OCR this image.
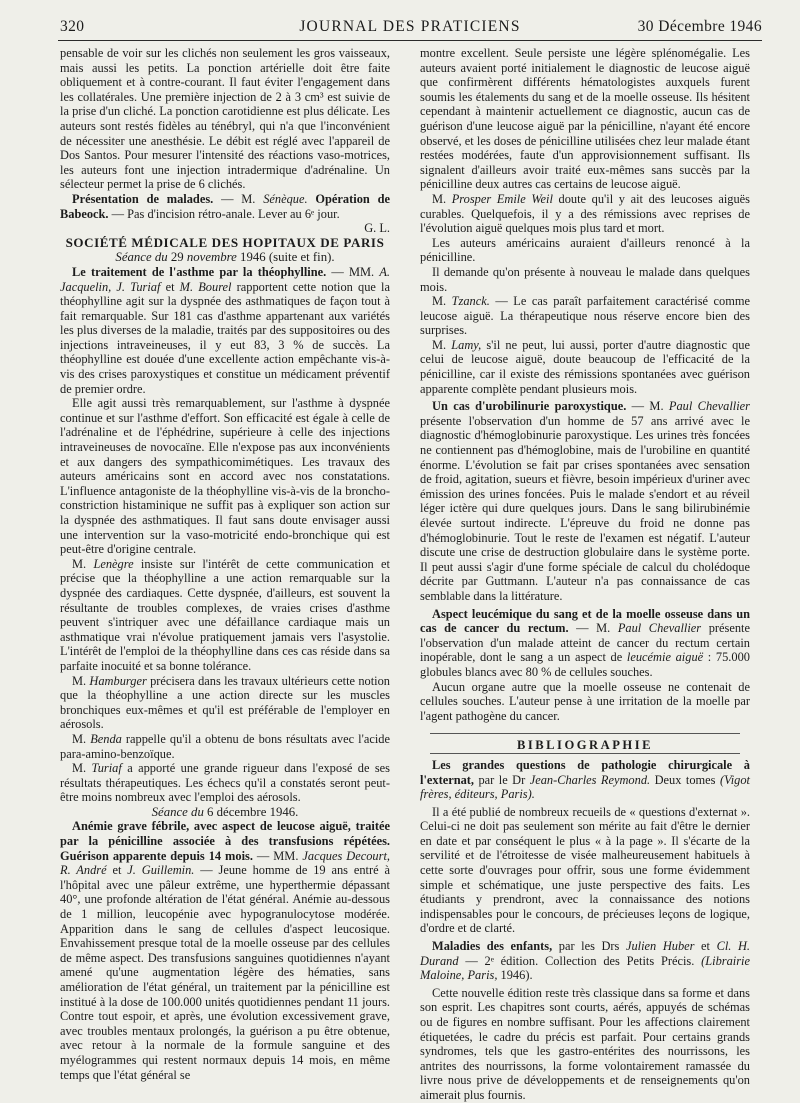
320	JOURNAL DES PRATICIENS	30 Décembre 1946

pensable de voir sur les clichés non seulement les gros vaisseaux, mais aussi les petits. La ponction artérielle doit être faite obliquement et à contre-courant. Il faut éviter l'engagement dans les collatérales. Une première injection de 2 à 3 cm³ est suivie de la prise d'un cliché. La ponction carotidienne est plus délicate. Les auteurs sont restés fidèles au ténébryl, qui n'a que l'inconvénient de nécessiter une anesthésie. Le débit est réglé avec l'appareil de Dos Santos. Pour mesurer l'intensité des réactions vaso-motrices, les auteurs font une injection intradermique d'adrénaline. Un sélecteur permet la prise de 6 clichés.

Présentation de malades. — M. Sénèque. Opération de Babeock. — Pas d'incision rétro-anale. Lever au 6ᵉ jour.

G. L.

SOCIÉTÉ MÉDICALE DES HOPITAUX DE PARIS

Séance du 29 novembre 1946 (suite et fin).

Le traitement de l'asthme par la théophylline. — MM. A. Jacquelin, J. Turiaf et M. Bourel rapportent cette notion que la théophylline agit sur la dyspnée des asthmatiques de façon tout à fait remarquable. Sur 181 cas d'asthme appartenant aux variétés les plus diverses de la maladie, traités par des suppositoires ou des injections intraveineuses, il y eut 83, 3 % de succès. La théophylline est douée d'une excellente action empêchante vis-à-vis des crises paroxystiques et constitue un médicament préventif de premier ordre.

Elle agit aussi très remarquablement, sur l'asthme à dyspnée continue et sur l'asthme d'effort. Son efficacité est égale à celle de l'adrénaline et de l'éphédrine, supérieure à celle des injections intraveineuses de novocaïne. Elle n'expose pas aux inconvénients et aux dangers des sympathicomimétiques. Les travaux des auteurs américains sont en accord avec nos constatations. L'influence antagoniste de la théophylline vis-à-vis de la broncho-constriction histaminique ne suffit pas à expliquer son action sur la dyspnée des asthmatiques. Il faut sans doute envisager aussi une intervention sur la vaso-motricité endo-bronchique qui est peut-être d'origine centrale.

M. Lenègre insiste sur l'intérêt de cette communication et précise que la théophylline a une action remarquable sur la dyspnée des cardiaques. Cette dyspnée, d'ailleurs, est souvent la résultante de troubles complexes, de vraies crises d'asthme peuvent s'intriquer avec une défaillance cardiaque mais un asthmatique vrai n'évolue pratiquement jamais vers l'asystolie. L'intérêt de l'emploi de la théophylline dans ces cas réside dans sa parfaite inocuité et sa bonne tolérance.

M. Hamburger précisera dans les travaux ultérieurs cette notion que la théophylline a une action directe sur les muscles bronchiques eux-mêmes et qu'il est préférable de l'employer en aérosols.

M. Benda rappelle qu'il a obtenu de bons résultats avec l'acide para-amino-benzoïque.

M. Turiaf a apporté une grande rigueur dans l'exposé de ses résultats thérapeutiques. Les échecs qu'il a constatés seront peut-être moins nombreux avec l'emploi des aérosols.

Séance du 6 décembre 1946.

Anémie grave fébrile, avec aspect de leucose aiguë, traitée par la pénicilline associée à des transfusions répétées. Guérison apparente depuis 14 mois. — MM. Jacques Decourt, R. André et J. Guillemin. — Jeune homme de 19 ans entré à l'hôpital avec une pâleur extrême, une hyperthermie dépassant 40°, une profonde altération de l'état général. Anémie au-dessous de 1 million, leucopénie avec hypogranulocytose modérée. Apparition dans le sang de cellules d'aspect leucosique. Envahissement presque total de la moelle osseuse par des cellules de même aspect. Des transfusions sanguines quotidiennes n'ayant amené qu'une augmentation légère des hématies, sans amélioration de l'état général, un traitement par la pénicilline est institué à la dose de 100.000 unités quotidiennes pendant 11 jours. Contre tout espoir, et après, une évolution excessivement grave, avec troubles mentaux prolongés, la guérison a pu être obtenue, avec retour à la normale de la formule sanguine et des myélogrammes qui restent normaux depuis 14 mois, en même temps que l'état général se

montre excellent. Seule persiste une légère splénomégalie. Les auteurs avaient porté initialement le diagnostic de leucose aiguë que confirmèrent différents hématologistes auxquels furent soumis les étalements du sang et de la moelle osseuse. Ils hésitent cependant à maintenir actuellement ce diagnostic, aucun cas de guérison d'une leucose aiguë par la pénicilline, n'ayant été encore observé, et les doses de pénicilline utilisées chez leur malade étant restées modérées, faute d'un approvisionnement suffisant. Ils signalent d'ailleurs avoir traité eux-mêmes sans succès par la pénicilline deux autres cas certains de leucose aiguë.

M. Prosper Emile Weil doute qu'il y ait des leucoses aiguës curables. Quelquefois, il y a des rémissions avec reprises de l'évolution aiguë quelques mois plus tard et mort.

Les auteurs américains auraient d'ailleurs renoncé à la pénicilline.

Il demande qu'on présente à nouveau le malade dans quelques mois.

M. Tzanck. — Le cas paraît parfaitement caractérisé comme leucose aiguë. La thérapeutique nous réserve encore bien des surprises.

M. Lamy, s'il ne peut, lui aussi, porter d'autre diagnostic que celui de leucose aiguë, doute beaucoup de l'efficacité de la pénicilline, car il existe des rémissions spontanées avec guérison apparente complète pendant plusieurs mois.

Un cas d'urobilinurie paroxystique. — M. Paul Chevallier présente l'observation d'un homme de 57 ans arrivé avec le diagnostic d'hémoglobinurie paroxystique. Les urines très foncées ne contiennent pas d'hémoglobine, mais de l'urobiline en quantité énorme. L'évolution se fait par crises spontanées avec sensation de froid, agitation, sueurs et fièvre, besoin impérieux d'uriner avec émission des urines foncées. Puis le malade s'endort et au réveil léger ictère qui dure quelques jours. Dans le sang bilirubinémie élevée surtout indirecte. L'épreuve du froid ne donne pas d'hémoglobinurie. Tout le reste de l'examen est négatif. L'auteur discute une crise de destruction globulaire dans le système porte. Il peut aussi s'agir d'une forme spéciale de calcul du cholédoque décrite par Guttmann. L'auteur n'a pas connaissance de cas semblable dans la littérature.

Aspect leucémique du sang et de la moelle osseuse dans un cas de cancer du rectum. — M. Paul Chevallier présente l'observation d'un malade atteint de cancer du rectum certain inopérable, dont le sang a un aspect de leucémie aiguë : 75.000 globules blancs avec 80 % de cellules souches.

Aucun organe autre que la moelle osseuse ne contenait de cellules souches. L'auteur pense à une irritation de la moelle par l'agent pathogène du cancer.

BIBLIOGRAPHIE

Les grandes questions de pathologie chirurgicale à l'externat, par le Dr Jean-Charles Reymond. Deux tomes (Vigot frères, éditeurs, Paris).

Il a été publié de nombreux recueils de « questions d'externat ». Celui-ci ne doit pas seulement son mérite au fait d'être le dernier en date et par conséquent le plus « à la page ». Il s'écarte de la servilité et de l'étroitesse de visée malheureusement habituels à cette sorte d'ouvrages pour offrir, sous une forme évidemment simple et schématique, une juste perspective des faits. Les étudiants y prendront, avec la connaissance des notions indispensables pour le concours, de précieuses leçons de logique, d'ordre et de clarté.

Maladies des enfants, par les Drs Julien Huber et Cl. H. Durand — 2ᵉ édition. Collection des Petits Précis. (Librairie Maloine, Paris, 1946).

Cette nouvelle édition reste très classique dans sa forme et dans son esprit. Les chapitres sont courts, aérés, appuyés de schémas ou de figures en nombre suffisant. Pour les affections clairement étiquetées, le cadre du précis est parfait. Pour certains grands syndromes, tels que les gastro-entérites des nourrissons, les antrites des nourrissons, la forme volontairement ramassée du livre nous prive de développements et de renseignements qu'on aimerait plus fournis.
